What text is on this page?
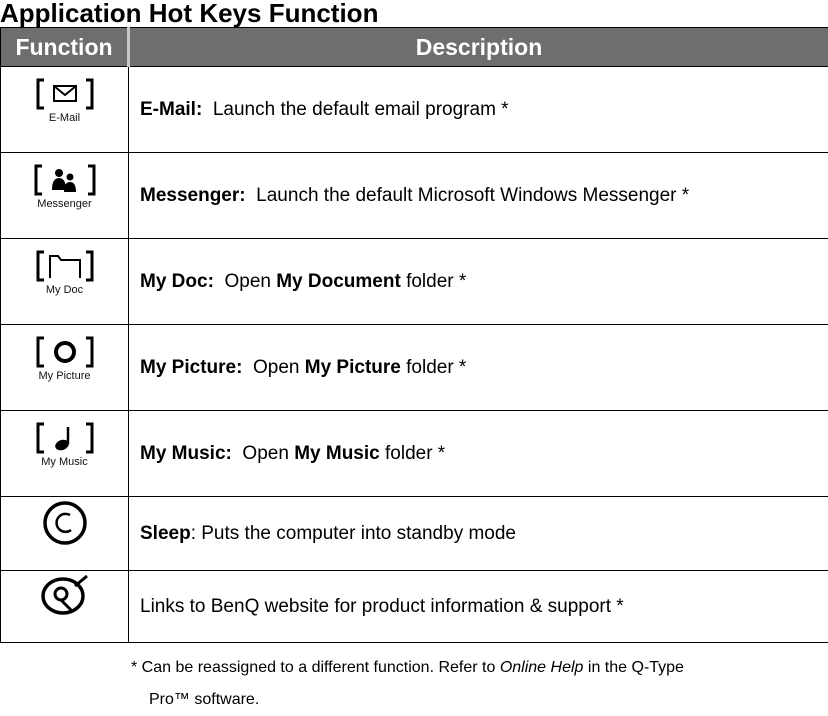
Application Hot Keys Function
Function	Description

E-Mail	E-Mail: Launch the default email program *

Messenger	Messenger: Launch the default Microsoft Windows Messenger *

My Doc	My Doc: Open My Document folder *

My Picture	My Picture: Open My Picture folder *

My Music	My Music: Open My Music folder *

	Sleep: Puts the computer into standby mode

	Links to BenQ website for product information & support *
* Can be reassigned to a different function. Refer to Online Help in the Q-Type
Pro™ software.
